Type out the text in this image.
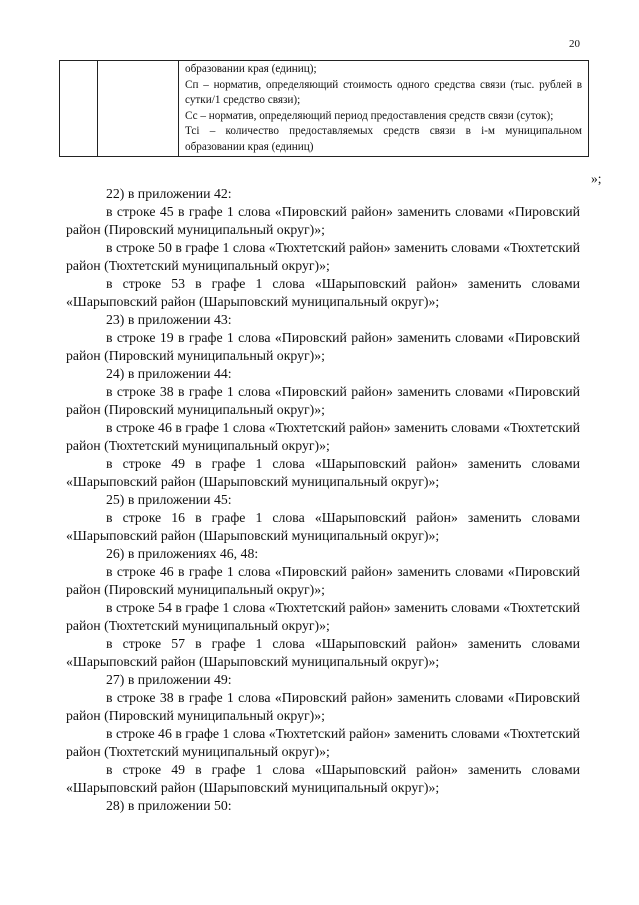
20

образовании края (единиц);
Сп – норматив, определяющий стоимость одного средства связи (тыс. рублей в сутки/1 средство связи);
Сс – норматив, определяющий период предоставления средств связи (суток);
Тсі – количество предоставляемых средств связи в i-м муниципальном образовании края (единиц)
»;
22) в приложении 42:
в строке 45 в графе 1 слова «Пировский район» заменить словами «Пировский район (Пировский муниципальный округ)»;
в строке 50 в графе 1 слова «Тюхтетский район» заменить словами «Тюхтетский район (Тюхтетский муниципальный округ)»;
в строке 53 в графе 1 слова «Шарыповский район» заменить словами «Шарыповский район (Шарыповский муниципальный округ)»;
23) в приложении 43:
в строке 19 в графе 1 слова «Пировский район» заменить словами «Пировский район (Пировский муниципальный округ)»;
24) в приложении 44:
в строке 38 в графе 1 слова «Пировский район» заменить словами «Пировский район (Пировский муниципальный округ)»;
в строке 46 в графе 1 слова «Тюхтетский район» заменить словами «Тюхтетский район (Тюхтетский муниципальный округ)»;
в строке 49 в графе 1 слова «Шарыповский район» заменить словами «Шарыповский район (Шарыповский муниципальный округ)»;
25) в приложении 45:
в строке 16 в графе 1 слова «Шарыповский район» заменить словами «Шарыповский район (Шарыповский муниципальный округ)»;
26) в приложениях 46, 48:
в строке 46 в графе 1 слова «Пировский район» заменить словами «Пировский район (Пировский муниципальный округ)»;
в строке 54 в графе 1 слова «Тюхтетский район» заменить словами «Тюхтетский район (Тюхтетский муниципальный округ)»;
в строке 57 в графе 1 слова «Шарыповский район» заменить словами «Шарыповский район (Шарыповский муниципальный округ)»;
27) в приложении 49:
в строке 38 в графе 1 слова «Пировский район» заменить словами «Пировский район (Пировский муниципальный округ)»;
в строке 46 в графе 1 слова «Тюхтетский район» заменить словами «Тюхтетский район (Тюхтетский муниципальный округ)»;
в строке 49 в графе 1 слова «Шарыповский район» заменить словами «Шарыповский район (Шарыповский муниципальный округ)»;
28) в приложении 50:
